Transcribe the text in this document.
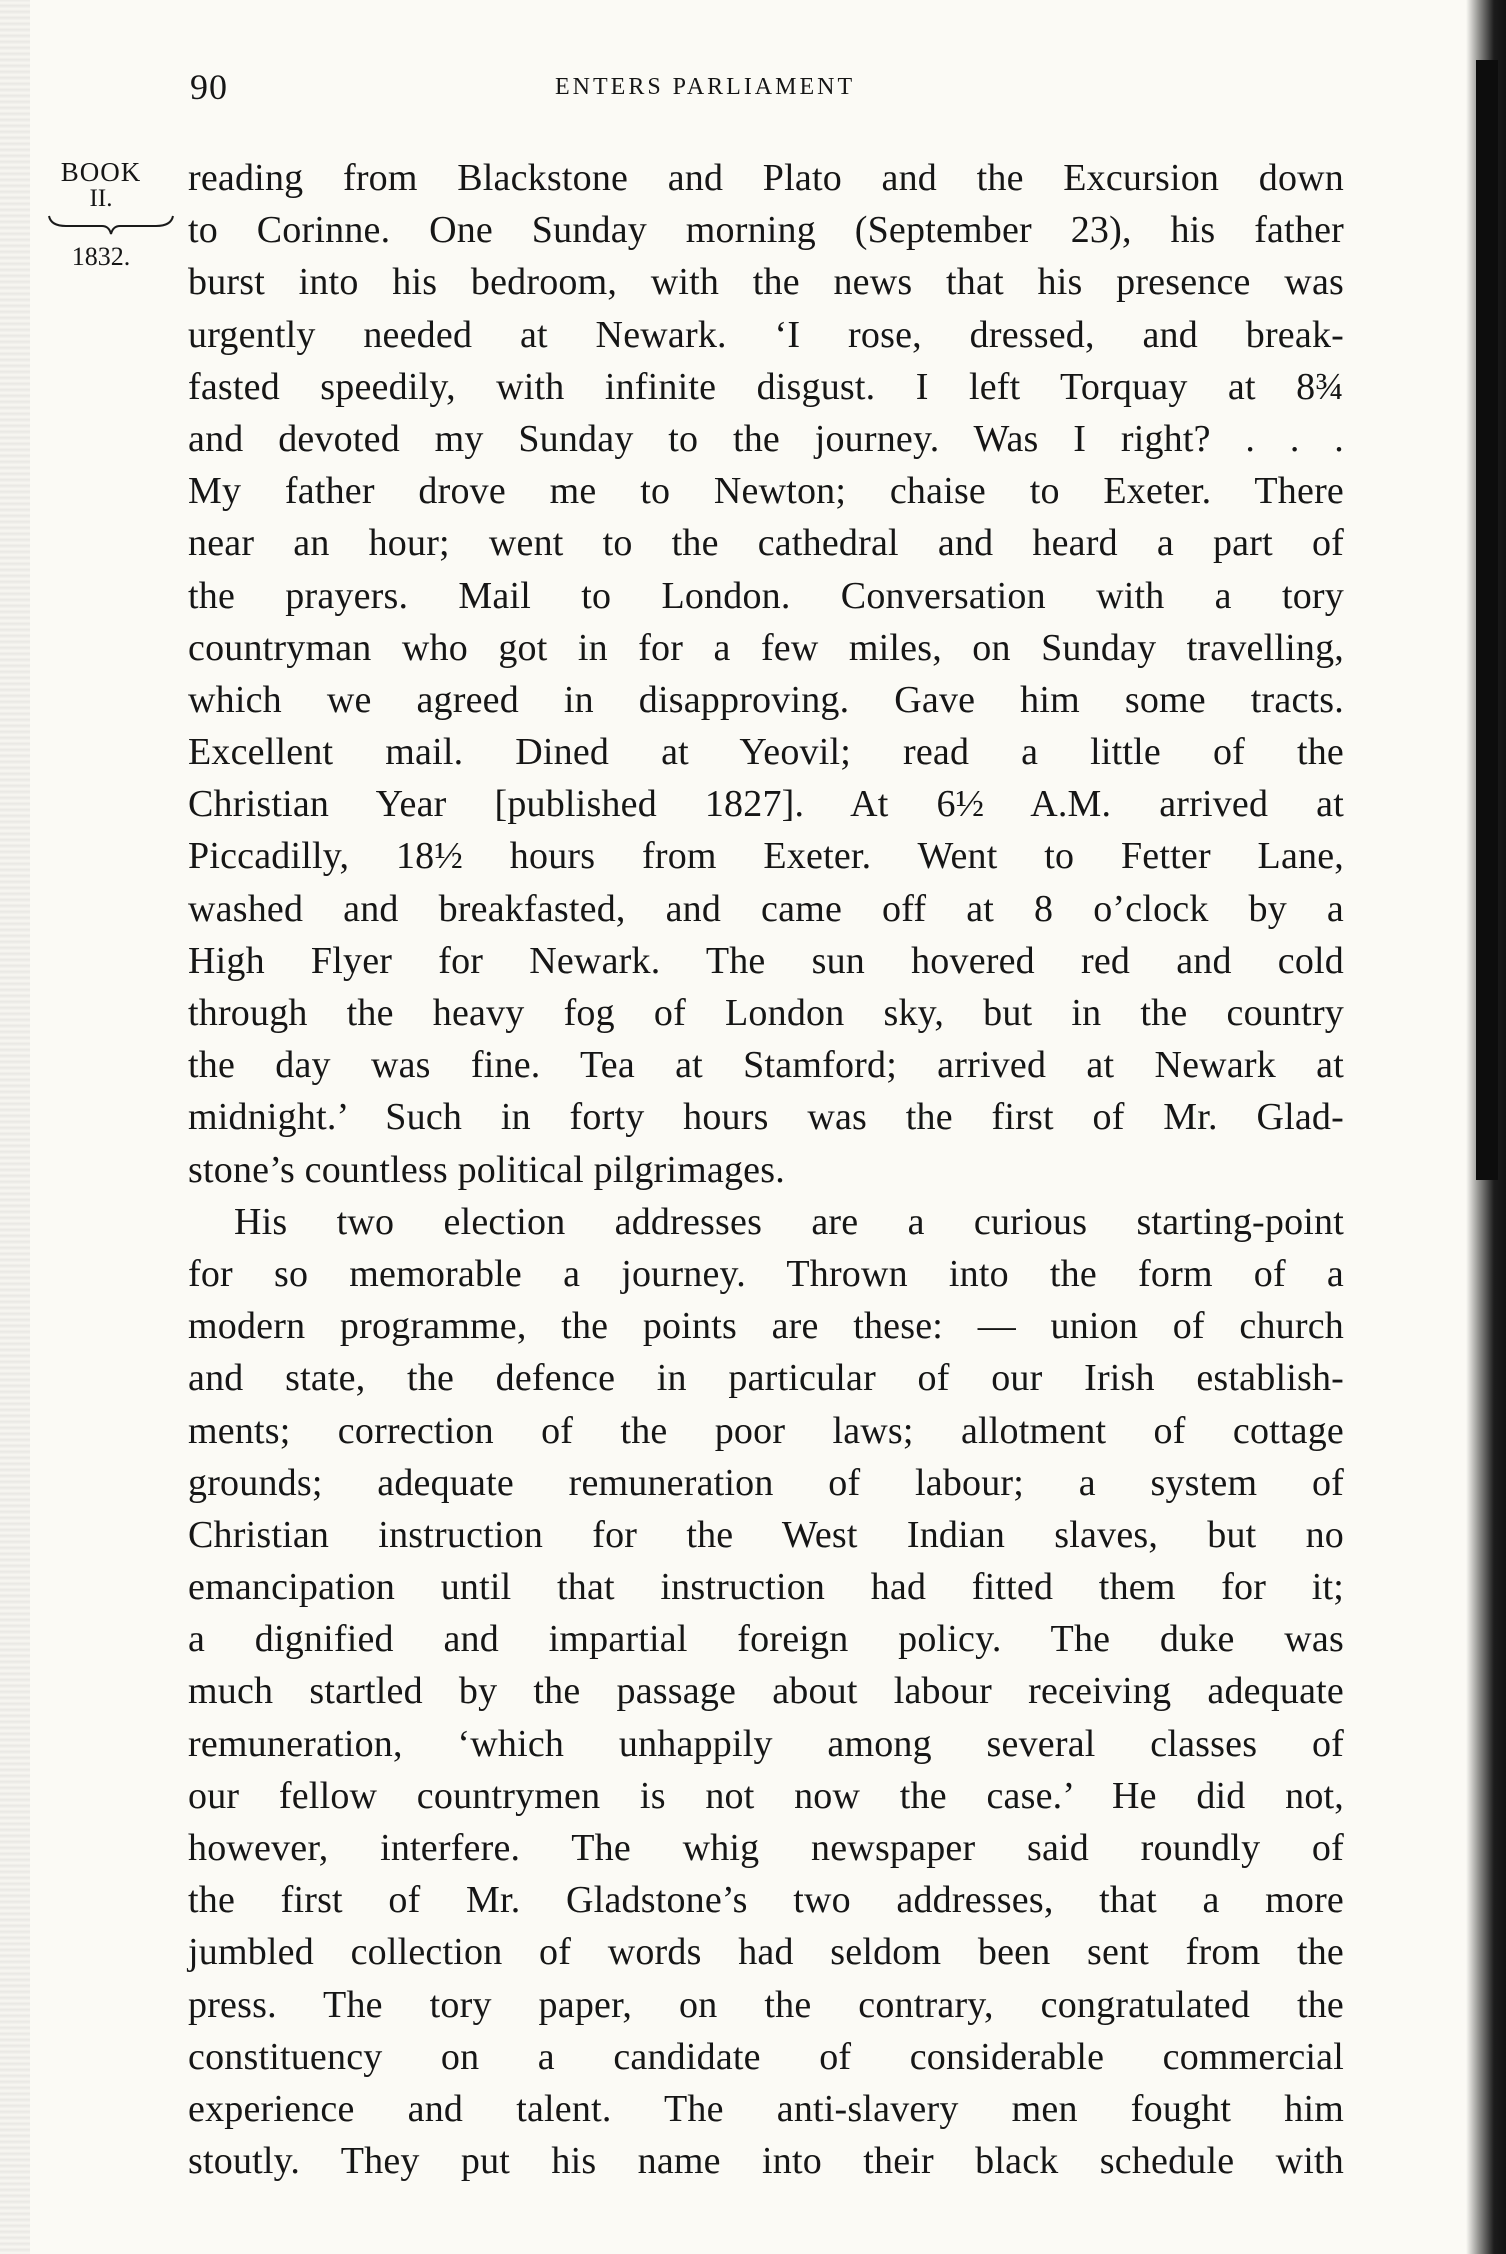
90	ENTERS PARLIAMENT
BOOK
II.
1832.
reading from Blackstone and Plato and the Excursion down
to Corinne. One Sunday morning (September 23), his father
burst into his bedroom, with the news that his presence was
urgently needed at Newark. ‘I rose, dressed, and break-
fasted speedily, with infinite disgust. I left Torquay at 8¾
and devoted my Sunday to the journey. Was I right? . . .
My father drove me to Newton; chaise to Exeter. There
near an hour; went to the cathedral and heard a part of
the prayers. Mail to London. Conversation with a tory
countryman who got in for a few miles, on Sunday travelling,
which we agreed in disapproving. Gave him some tracts.
Excellent mail. Dined at Yeovil; read a little of the
Christian Year [published 1827]. At 6½ A.M. arrived at
Piccadilly, 18½ hours from Exeter. Went to Fetter Lane,
washed and breakfasted, and came off at 8 o’clock by a
High Flyer for Newark. The sun hovered red and cold
through the heavy fog of London sky, but in the country
the day was fine. Tea at Stamford; arrived at Newark at
midnight.’ Such in forty hours was the first of Mr. Glad-
stone’s countless political pilgrimages.
His two election addresses are a curious starting-point
for so memorable a journey. Thrown into the form of a
modern programme, the points are these: — union of church
and state, the defence in particular of our Irish establish-
ments; correction of the poor laws; allotment of cottage
grounds; adequate remuneration of labour; a system of
Christian instruction for the West Indian slaves, but no
emancipation until that instruction had fitted them for it;
a dignified and impartial foreign policy. The duke was
much startled by the passage about labour receiving adequate
remuneration, ‘which unhappily among several classes of
our fellow countrymen is not now the case.’ He did not,
however, interfere. The whig newspaper said roundly of
the first of Mr. Gladstone’s two addresses, that a more
jumbled collection of words had seldom been sent from the
press. The tory paper, on the contrary, congratulated the
constituency on a candidate of considerable commercial
experience and talent. The anti-slavery men fought him
stoutly. They put his name into their black schedule with
